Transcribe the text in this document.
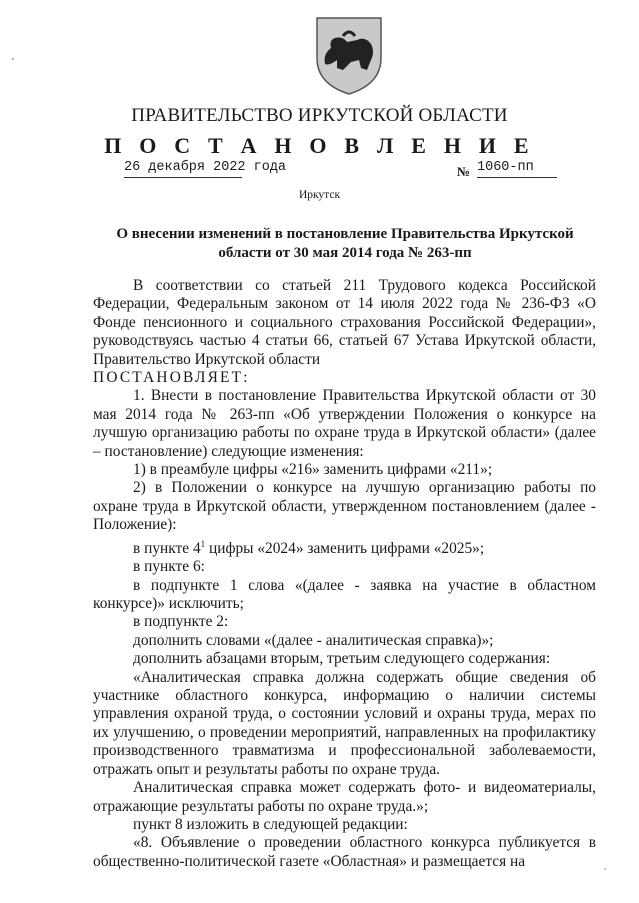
ПРАВИТЕЛЬСТВО ИРКУТСКОЙ ОБЛАСТИ
П О С Т А Н О В Л Е Н И Е
26 декабря 2022 года	№ 1060-пп
Иркутск
О внесении изменений в постановление Правительства Иркутской области от 30 мая 2014 года № 263-пп

В соответствии со статьей 211 Трудового кодекса Российской Федерации, Федеральным законом от 14 июля 2022 года № 236-ФЗ «О Фонде пенсионного и социального страхования Российской Федерации», руководствуясь частью 4 статьи 66, статьей 67 Устава Иркутской области, Правительство Иркутской области

ПОСТАНОВЛЯЕТ:

1. Внести в постановление Правительства Иркутской области от 30 мая 2014 года № 263-пп «Об утверждении Положения о конкурсе на лучшую организацию работы по охране труда в Иркутской области» (далее – постановление) следующие изменения:

1) в преамбуле цифры «216» заменить цифрами «211»;

2) в Положении о конкурсе на лучшую организацию работы по охране труда в Иркутской области, утвержденном постановлением (далее - Положение):

в пункте $4^1$ цифры «2024» заменить цифрами «2025»;

в пункте 6:

в подпункте 1 слова «(далее - заявка на участие в областном конкурсе)» исключить;

в подпункте 2:

дополнить словами «(далее - аналитическая справка)»;

дополнить абзацами вторым, третьим следующего содержания:

«Аналитическая справка должна содержать общие сведения об участнике областного конкурса, информацию о наличии системы управления охраной труда, о состоянии условий и охраны труда, мерах по их улучшению, о проведении мероприятий, направленных на профилактику производственного травматизма и профессиональной заболеваемости, отражать опыт и результаты работы по охране труда.

Аналитическая справка может содержать фото- и видеоматериалы, отражающие результаты работы по охране труда.»;

пункт 8 изложить в следующей редакции:

«8. Объявление о проведении областного конкурса публикуется в общественно-политической газете «Областная» и размещается на
